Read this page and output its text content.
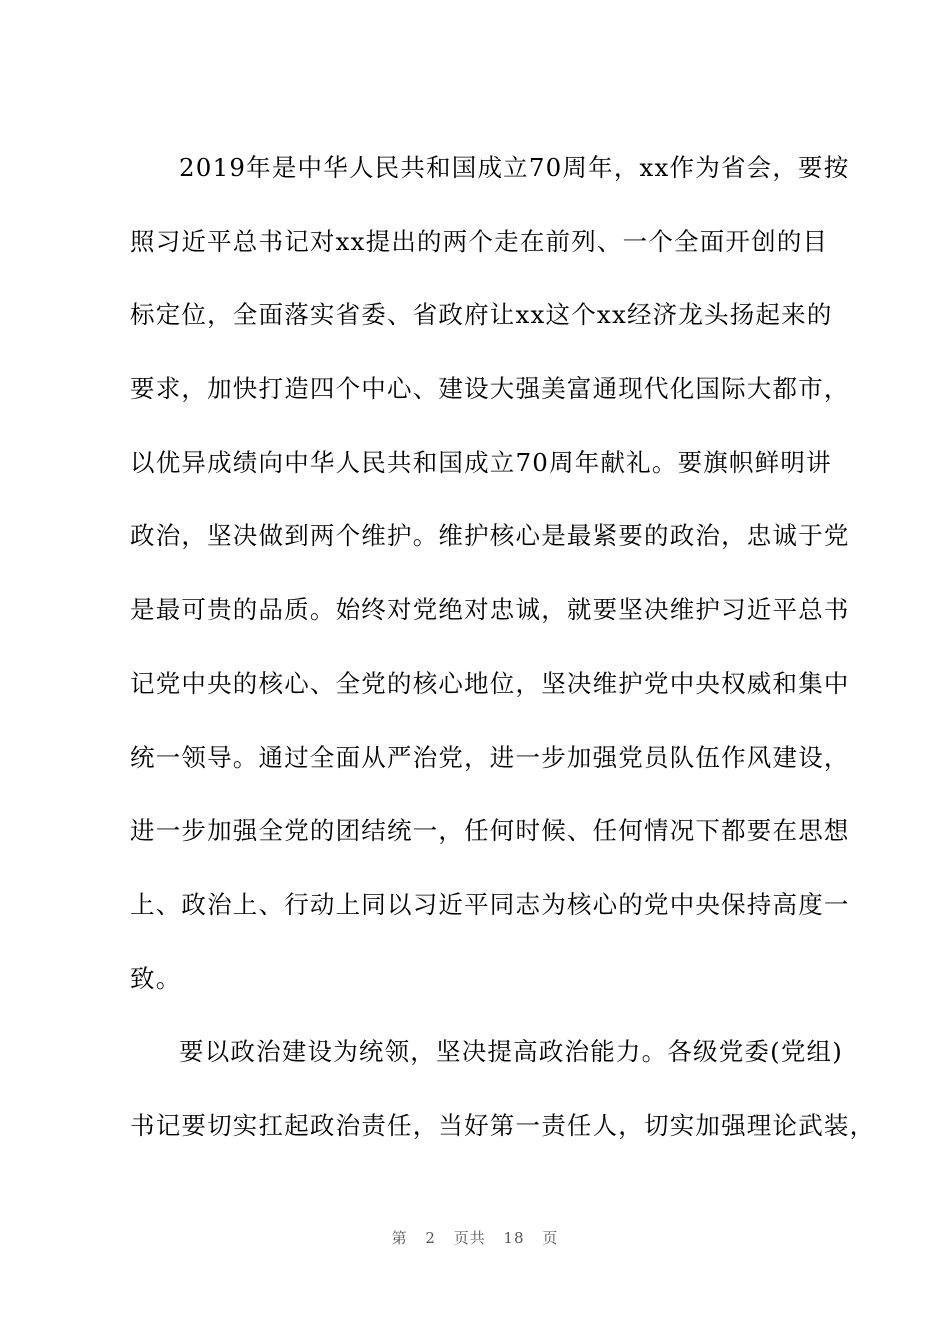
2019年是中华人民共和国成立70周年，xx作为省会，要按
照习近平总书记对xx提出的两个走在前列、一个全面开创的目
标定位，全面落实省委、省政府让xx这个xx经济龙头扬起来的
要求，加快打造四个中心、建设大强美富通现代化国际大都市，
以优异成绩向中华人民共和国成立70周年献礼。要旗帜鲜明讲
政治，坚决做到两个维护。维护核心是最紧要的政治，忠诚于党
是最可贵的品质。始终对党绝对忠诚，就要坚决维护习近平总书
记党中央的核心、全党的核心地位，坚决维护党中央权威和集中
统一领导。通过全面从严治党，进一步加强党员队伍作风建设，
进一步加强全党的团结统一，任何时候、任何情况下都要在思想
上、政治上、行动上同以习近平同志为核心的党中央保持高度一
致。
要以政治建设为统领，坚决提高政治能力。各级党委(党组)
书记要切实扛起政治责任，当好第一责任人，切实加强理论武装，
第 2 页共 18 页
